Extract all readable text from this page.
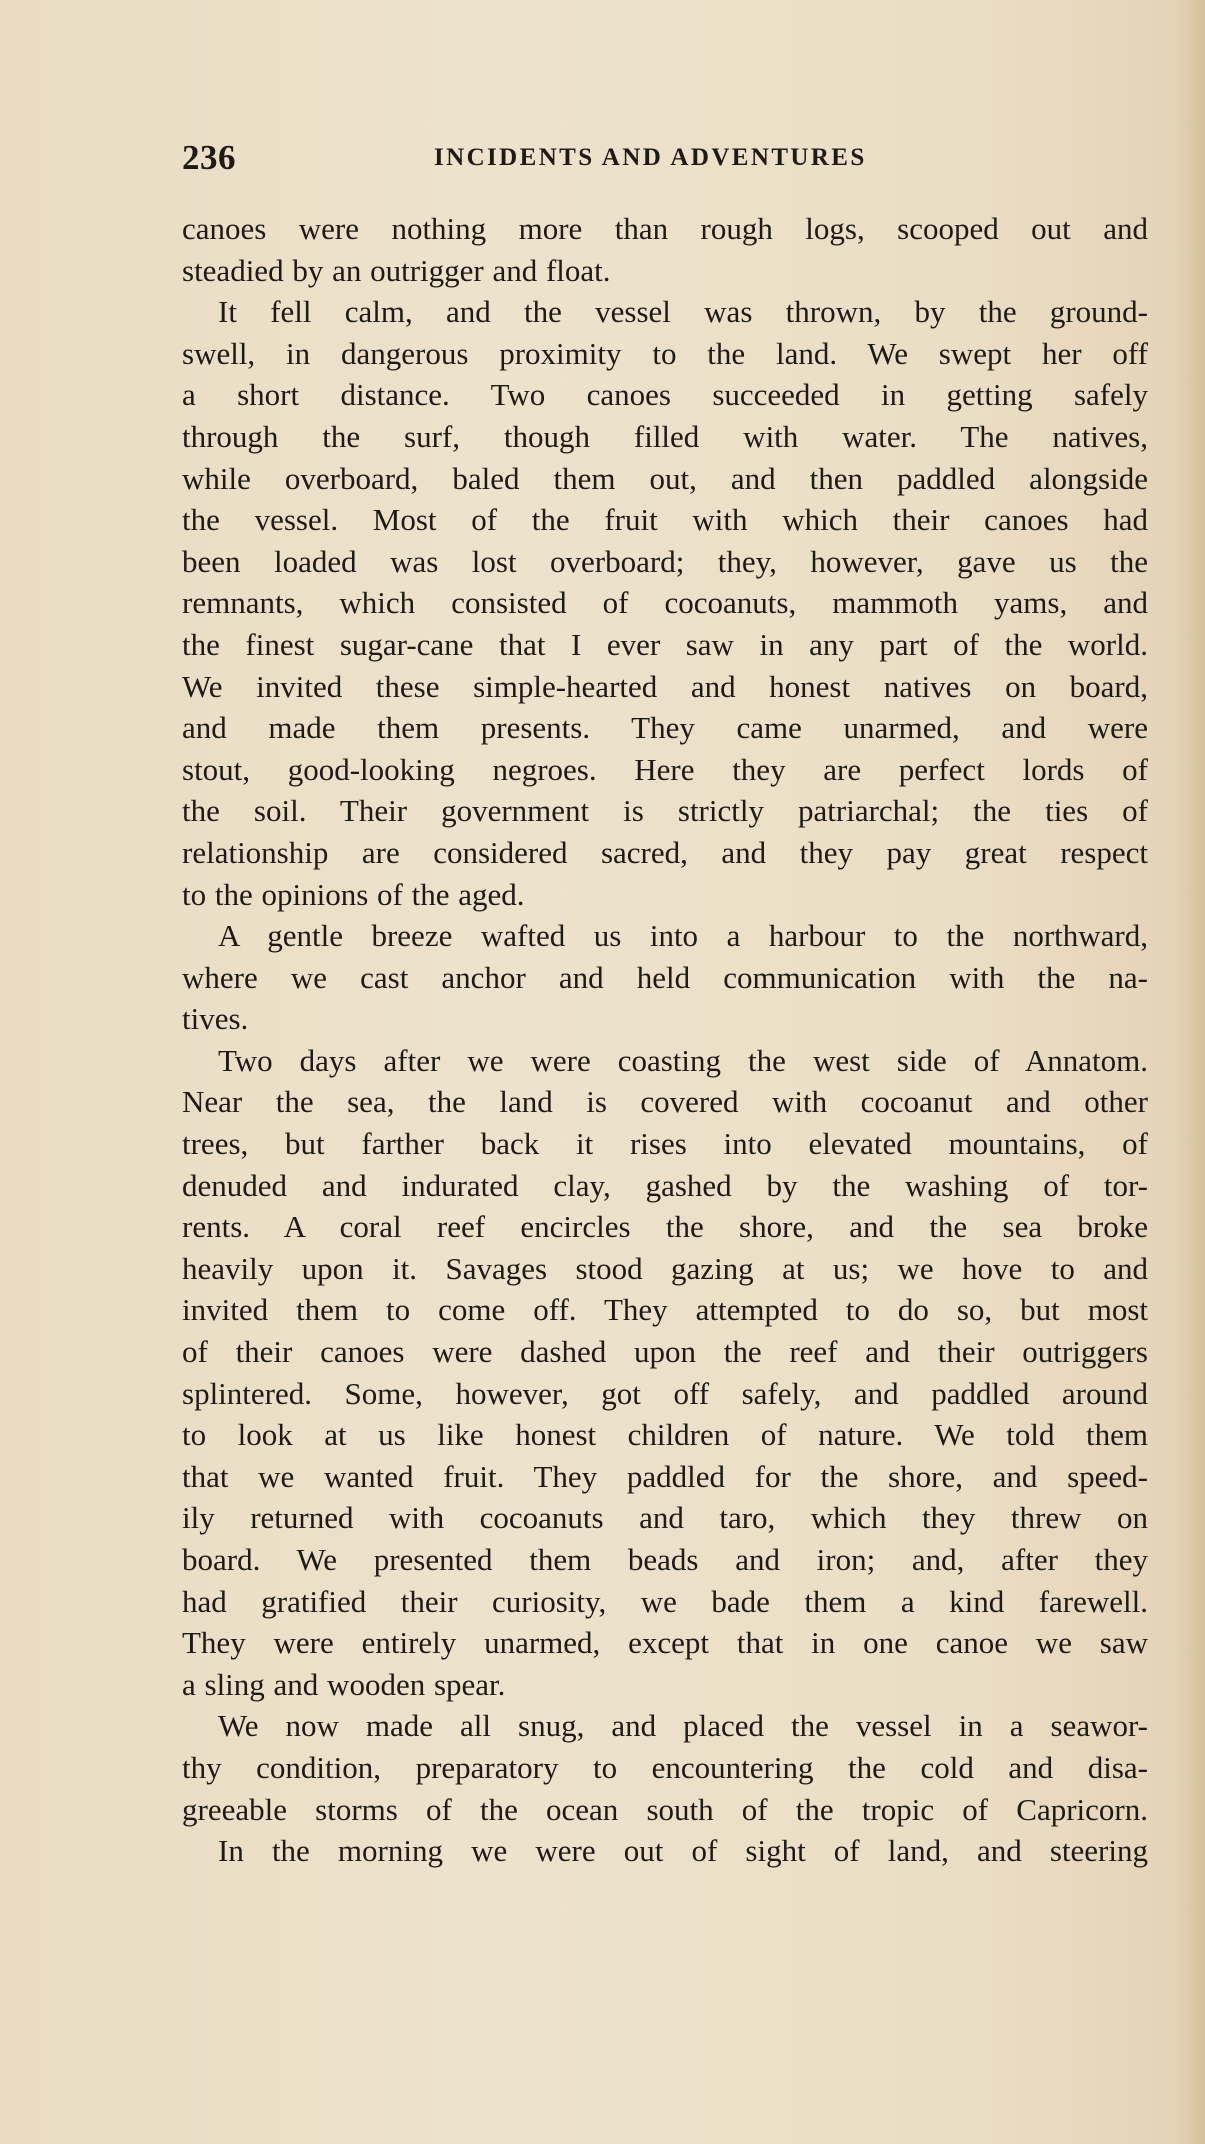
236	INCIDENTS AND ADVENTURES
canoes were nothing more than rough logs, scooped out and
steadied by an outrigger and float.
It fell calm, and the vessel was thrown, by the ground-
swell, in dangerous proximity to the land. We swept her off
a short distance. Two canoes succeeded in getting safely
through the surf, though filled with water. The natives,
while overboard, baled them out, and then paddled alongside
the vessel. Most of the fruit with which their canoes had
been loaded was lost overboard; they, however, gave us the
remnants, which consisted of cocoanuts, mammoth yams, and
the finest sugar-cane that I ever saw in any part of the world.
We invited these simple-hearted and honest natives on board,
and made them presents. They came unarmed, and were
stout, good-looking negroes. Here they are perfect lords of
the soil. Their government is strictly patriarchal; the ties of
relationship are considered sacred, and they pay great respect
to the opinions of the aged.
A gentle breeze wafted us into a harbour to the northward,
where we cast anchor and held communication with the na-
tives.
Two days after we were coasting the west side of Annatom.
Near the sea, the land is covered with cocoanut and other
trees, but farther back it rises into elevated mountains, of
denuded and indurated clay, gashed by the washing of tor-
rents. A coral reef encircles the shore, and the sea broke
heavily upon it. Savages stood gazing at us; we hove to and
invited them to come off. They attempted to do so, but most
of their canoes were dashed upon the reef and their outriggers
splintered. Some, however, got off safely, and paddled around
to look at us like honest children of nature. We told them
that we wanted fruit. They paddled for the shore, and speed-
ily returned with cocoanuts and taro, which they threw on
board. We presented them beads and iron; and, after they
had gratified their curiosity, we bade them a kind farewell.
They were entirely unarmed, except that in one canoe we saw
a sling and wooden spear.
We now made all snug, and placed the vessel in a seawor-
thy condition, preparatory to encountering the cold and disa-
greeable storms of the ocean south of the tropic of Capricorn.
In the morning we were out of sight of land, and steering
